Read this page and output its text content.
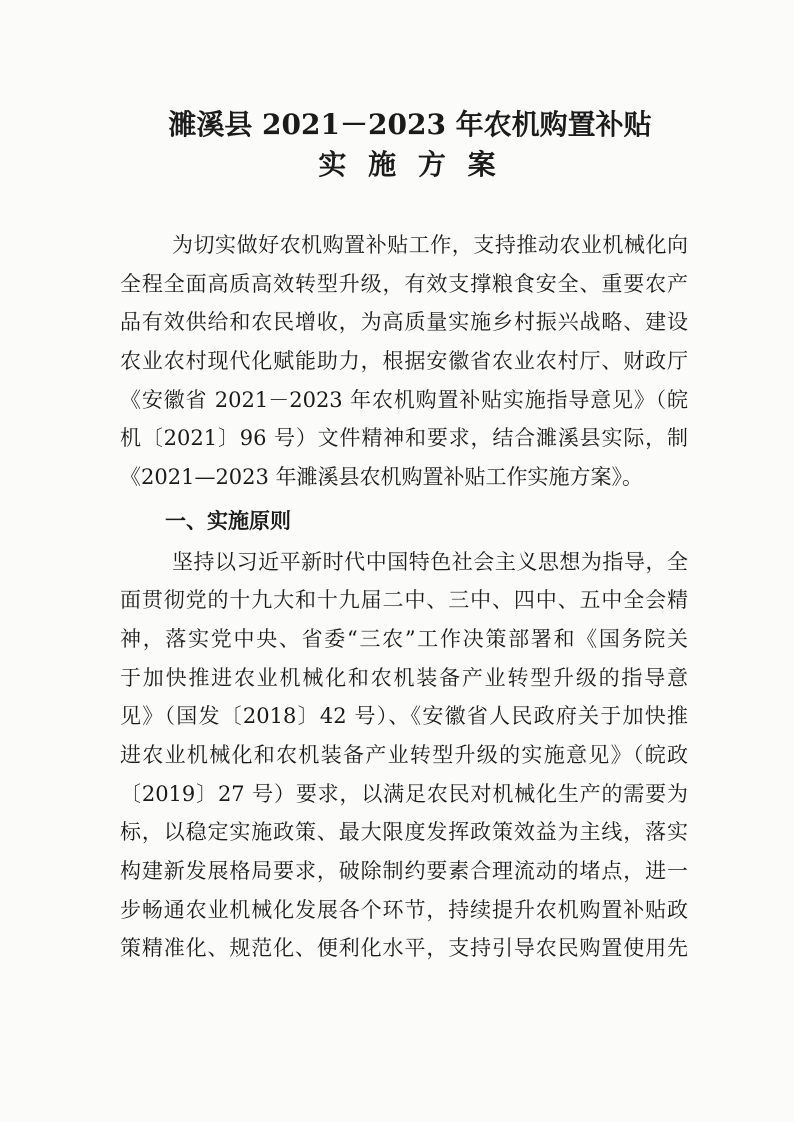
濉溪县 2021－2023 年农机购置补贴
实 施 方 案
为切实做好农机购置补贴工作，支持推动农业机械化向
全程全面高质高效转型升级，有效支撑粮食安全、重要农产
品有效供给和农民增收，为高质量实施乡村振兴战略、建设
农业农村现代化赋能助力，根据安徽省农业农村厅、财政厅
《安徽省 2021－2023 年农机购置补贴实施指导意见》（皖
机〔2021〕96 号）文件精神和要求，结合濉溪县实际，制
《2021—2023 年濉溪县农机购置补贴工作实施方案》。
一、实施原则
坚持以习近平新时代中国特色社会主义思想为指导，全
面贯彻党的十九大和十九届二中、三中、四中、五中全会精
神，落实党中央、省委“三农”工作决策部署和《国务院关
于加快推进农业机械化和农机装备产业转型升级的指导意
见》（国发〔2018〕42 号）、《安徽省人民政府关于加快推
进农业机械化和农机装备产业转型升级的实施意见》（皖政
〔2019〕27 号）要求，以满足农民对机械化生产的需要为
标，以稳定实施政策、最大限度发挥政策效益为主线，落实
构建新发展格局要求，破除制约要素合理流动的堵点，进一
步畅通农业机械化发展各个环节，持续提升农机购置补贴政
策精准化、规范化、便利化水平，支持引导农民购置使用先
